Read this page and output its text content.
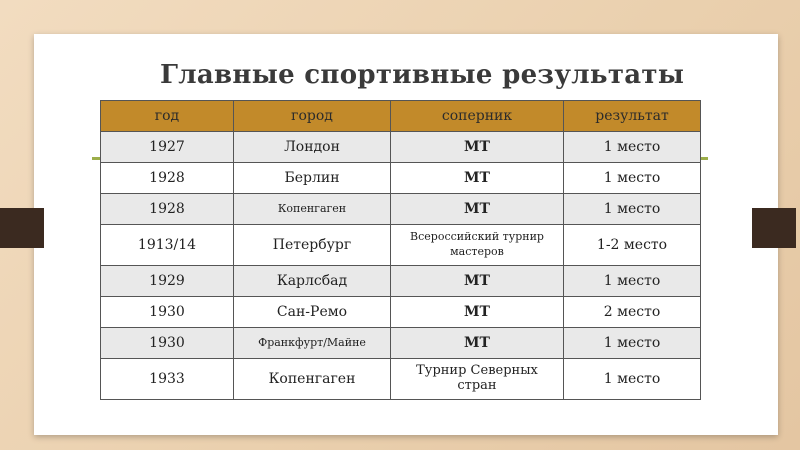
Главные спортивные результаты
год	город	соперник	результат
1927	Лондон	МТ	1 место
1928	Берлин	МТ	1 место
1928	Копенгаген	МТ	1 место
1913/14	Петербург	Всероссийский турнир мастеров	1-2 место
1929	Карлсбад	МТ	1 место
1930	Сан-Ремо	МТ	2 место
1930	Франкфурт/Майне	МТ	1 место
1933	Копенгаген	Турнир Северных стран	1 место
